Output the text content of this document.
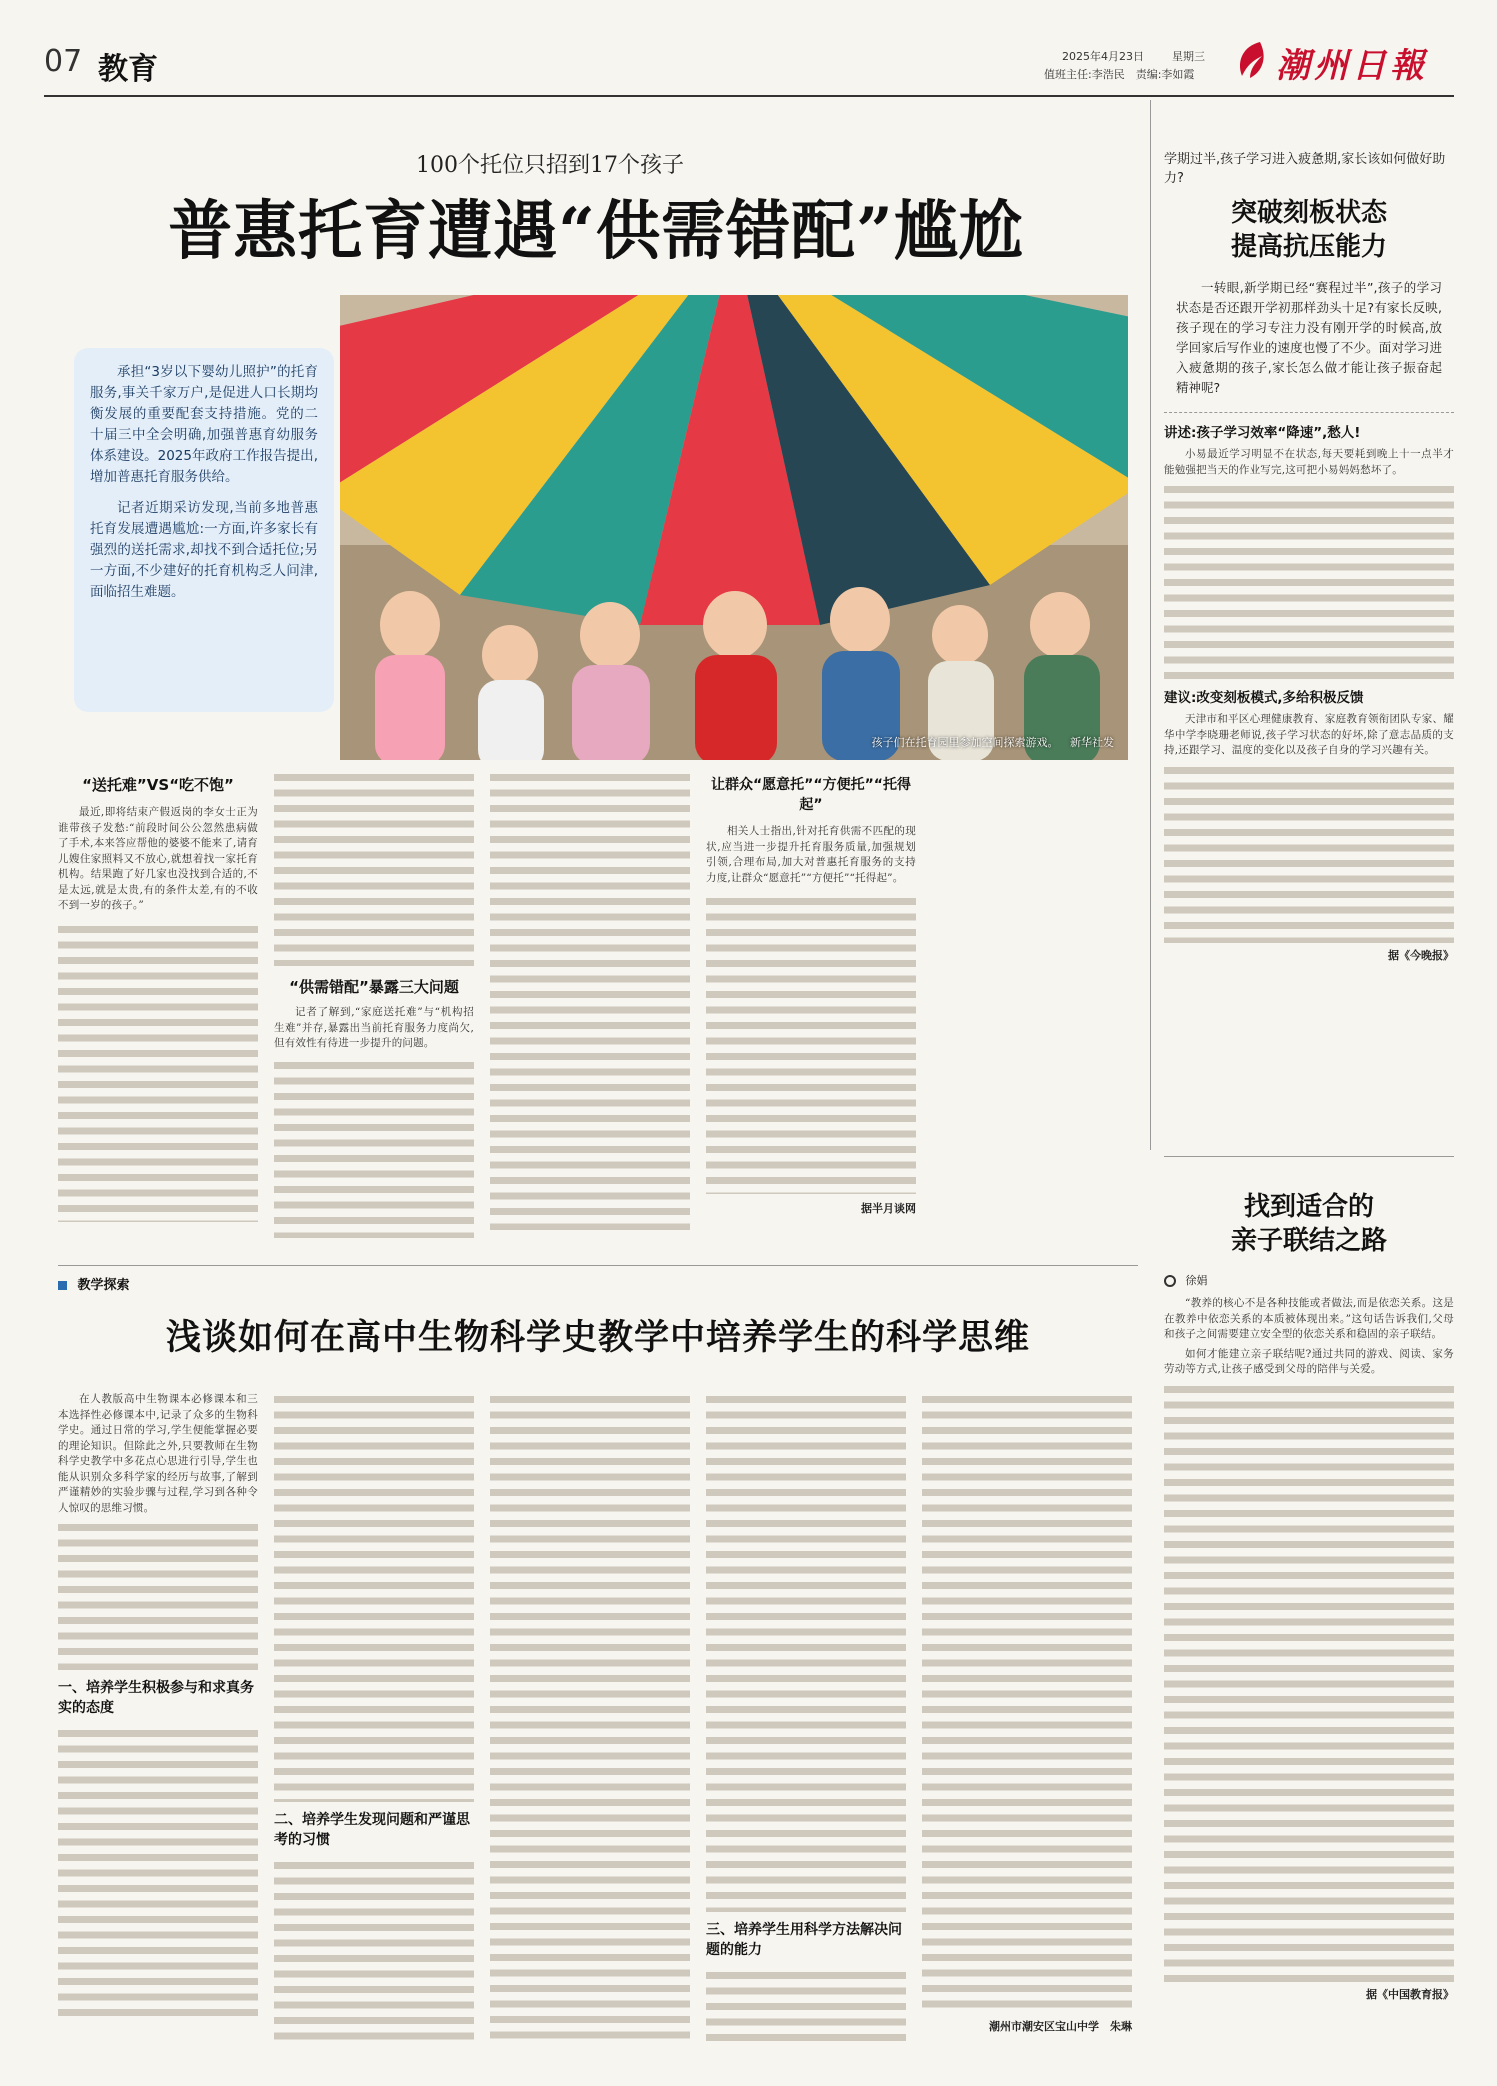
07 教育	2025年4月23日	星期三
值班主任:李浩民　责编:李如霞 潮州日報
100个托位只招到17个孩子
普惠托育遭遇“供需错配”尴尬

承担“3岁以下婴幼儿照护”的托育服务,事关千家万户,是促进人口长期均衡发展的重要配套支持措施。党的二十届三中全会明确,加强普惠育幼服务体系建设。2025年政府工作报告提出,增加普惠托育服务供给。

记者近期采访发现,当前多地普惠托育发展遭遇尴尬:一方面,许多家长有强烈的送托需求,却找不到合适托位;另一方面,不少建好的托育机构乏人问津,面临招生难题。

孩子们在托育园里参加空间探索游戏。 新华社发
“送托难”VS“吃不饱”

最近,即将结束产假返岗的李女士正为谁带孩子发愁:“前段时间公公忽然患病做了手术,本来答应帮他的婆婆不能来了,请育儿嫂住家照料又不放心,就想着找一家托育机构。结果跑了好几家也没找到合适的,不是太远,就是太贵,有的条件太差,有的不收不到一岁的孩子。”

“供需错配”暴露三大问题

记者了解到,“家庭送托难”与“机构招生难”并存,暴露出当前托育服务力度尚欠,但有效性有待进一步提升的问题。

让群众“愿意托”“方便托”“托得起”

相关人士指出,针对托育供需不匹配的现状,应当进一步提升托育服务质量,加强规划引领,合理布局,加大对普惠托育服务的支持力度,让群众“愿意托”“方便托”“托得起”。

据半月谈网
学期过半,孩子学习进入疲惫期,家长该如何做好助力?
突破刻板状态
提高抗压能力

一转眼,新学期已经“赛程过半”,孩子的学习状态是否还跟开学初那样劲头十足?有家长反映,孩子现在的学习专注力没有刚开学的时候高,放学回家后写作业的速度也慢了不少。面对学习进入疲惫期的孩子,家长怎么做才能让孩子振奋起精神呢?

讲述:孩子学习效率“降速”,愁人!

小易最近学习明显不在状态,每天要耗到晚上十一点半才能勉强把当天的作业写完,这可把小易妈妈愁坏了。

建议:改变刻板模式,多给积极反馈

天津市和平区心理健康教育、家庭教育领衔团队专家、耀华中学李晓珊老师说,孩子学习状态的好坏,除了意志品质的支持,还跟学习、温度的变化以及孩子自身的学习兴趣有关。

据《今晚报》
找到适合的
亲子联结之路
徐娟

“教养的核心不是各种技能或者做法,而是依恋关系。这是在教养中依恋关系的本质被体现出来。”这句话告诉我们,父母和孩子之间需要建立安全型的依恋关系和稳固的亲子联结。

如何才能建立亲子联结呢?通过共同的游戏、阅读、家务劳动等方式,让孩子感受到父母的陪伴与关爱。

据《中国教育报》
教学探索
浅谈如何在高中生物科学史教学中培养学生的科学思维

在人教版高中生物课本必修课本和三本选择性必修课本中,记录了众多的生物科学史。通过日常的学习,学生便能掌握必要的理论知识。但除此之外,只要教师在生物科学史教学中多花点心思进行引导,学生也能从识别众多科学家的经历与故事,了解到严谨精妙的实验步骤与过程,学习到各种令人惊叹的思维习惯。

一、培养学生积极参与和求真务实的态度
二、培养学生发现问题和严谨思考的习惯
三、培养学生用科学方法解决问题的能力
潮州市潮安区宝山中学　朱琳
